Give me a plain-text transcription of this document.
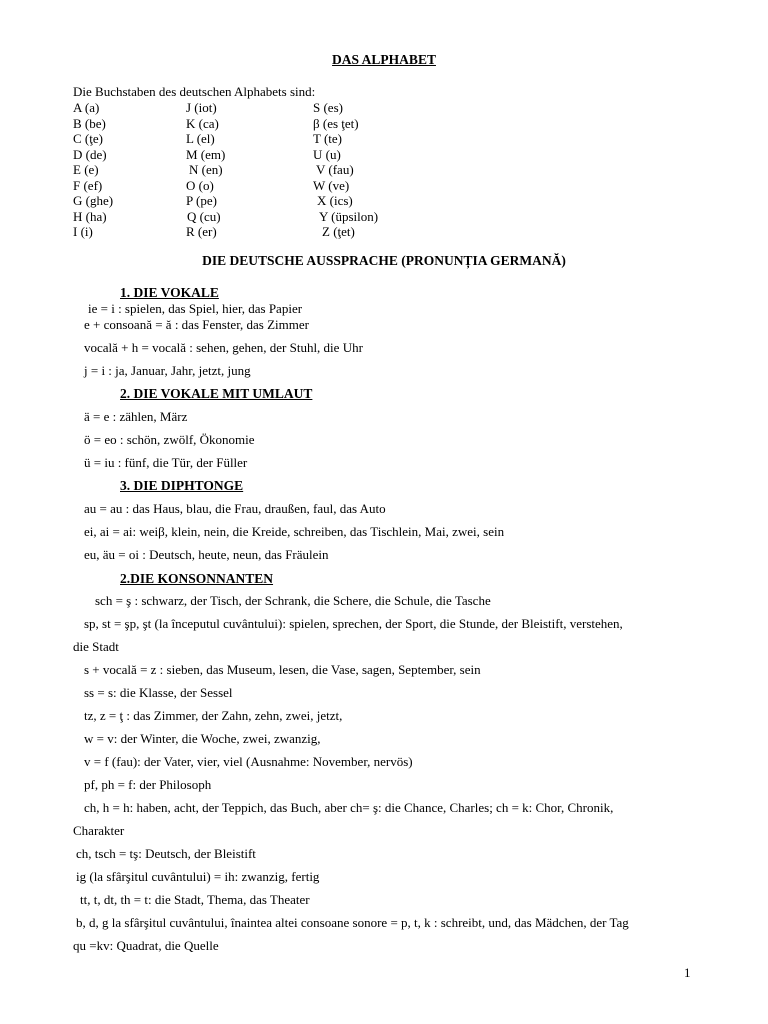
DAS ALPHABET
Die Buchstaben des deutschen Alphabets sind:
A (a)	J (iot)	S (es)
B (be)	K (ca)	β (es ţet)
C (ţe)	L (el)	T (te)
D (de)	M (em)	U (u)
E (e)	N (en)	V (fau)
F (ef)	O (o)	W (ve)
G (ghe)	P (pe)	X (ics)
H (ha)	Q (cu)	Y (üpsilon)
I (i)	R (er)	Z (ţet)
DIE DEUTSCHE AUSSPRACHE (PRONUNȚIA GERMANĂ)
1. DIE VOKALE
ie = i : spielen, das Spiel, hier, das Papier
e + consoană = ă : das Fenster, das Zimmer
vocală + h = vocală : sehen, gehen, der Stuhl, die Uhr
j = i : ja, Januar, Jahr, jetzt, jung
2. DIE VOKALE MIT UMLAUT
ä = e : zählen, März
ö = eo : schön, zwölf, Ökonomie
ü = iu : fünf, die Tür, der Füller
3. DIE DIPHTONGE
au = au : das Haus, blau, die Frau, draußen, faul, das Auto
ei, ai = ai: weiβ, klein, nein, die Kreide, schreiben, das Tischlein, Mai, zwei, sein
eu, äu = oi : Deutsch, heute, neun, das Fräulein
2.DIE KONSONNANTEN
sch = ş : schwarz, der Tisch, der Schrank, die Schere, die Schule, die Tasche
sp, st = şp, şt (la începutul cuvântului): spielen, sprechen, der Sport, die Stunde, der Bleistift, verstehen,
die Stadt
s + vocală = z : sieben, das Museum, lesen, die Vase, sagen, September, sein
ss = s: die Klasse, der Sessel
tz, z = ţ : das Zimmer, der Zahn, zehn, zwei, jetzt,
w = v: der Winter, die Woche, zwei, zwanzig,
v = f (fau): der Vater, vier, viel (Ausnahme: November, nervös)
pf, ph = f: der Philosoph
ch, h = h: haben, acht, der Teppich, das Buch, aber ch= ş: die Chance, Charles; ch = k: Chor, Chronik,
Charakter
ch, tsch = tş: Deutsch, der Bleistift
ig (la sfârşitul cuvântului) = ih: zwanzig, fertig
tt, t, dt, th = t: die Stadt, Thema, das Theater
b, d, g la sfârşitul cuvântului, înaintea altei consoane sonore = p, t, k : schreibt, und, das Mädchen, der Tag
qu =kv: Quadrat, die Quelle
1
